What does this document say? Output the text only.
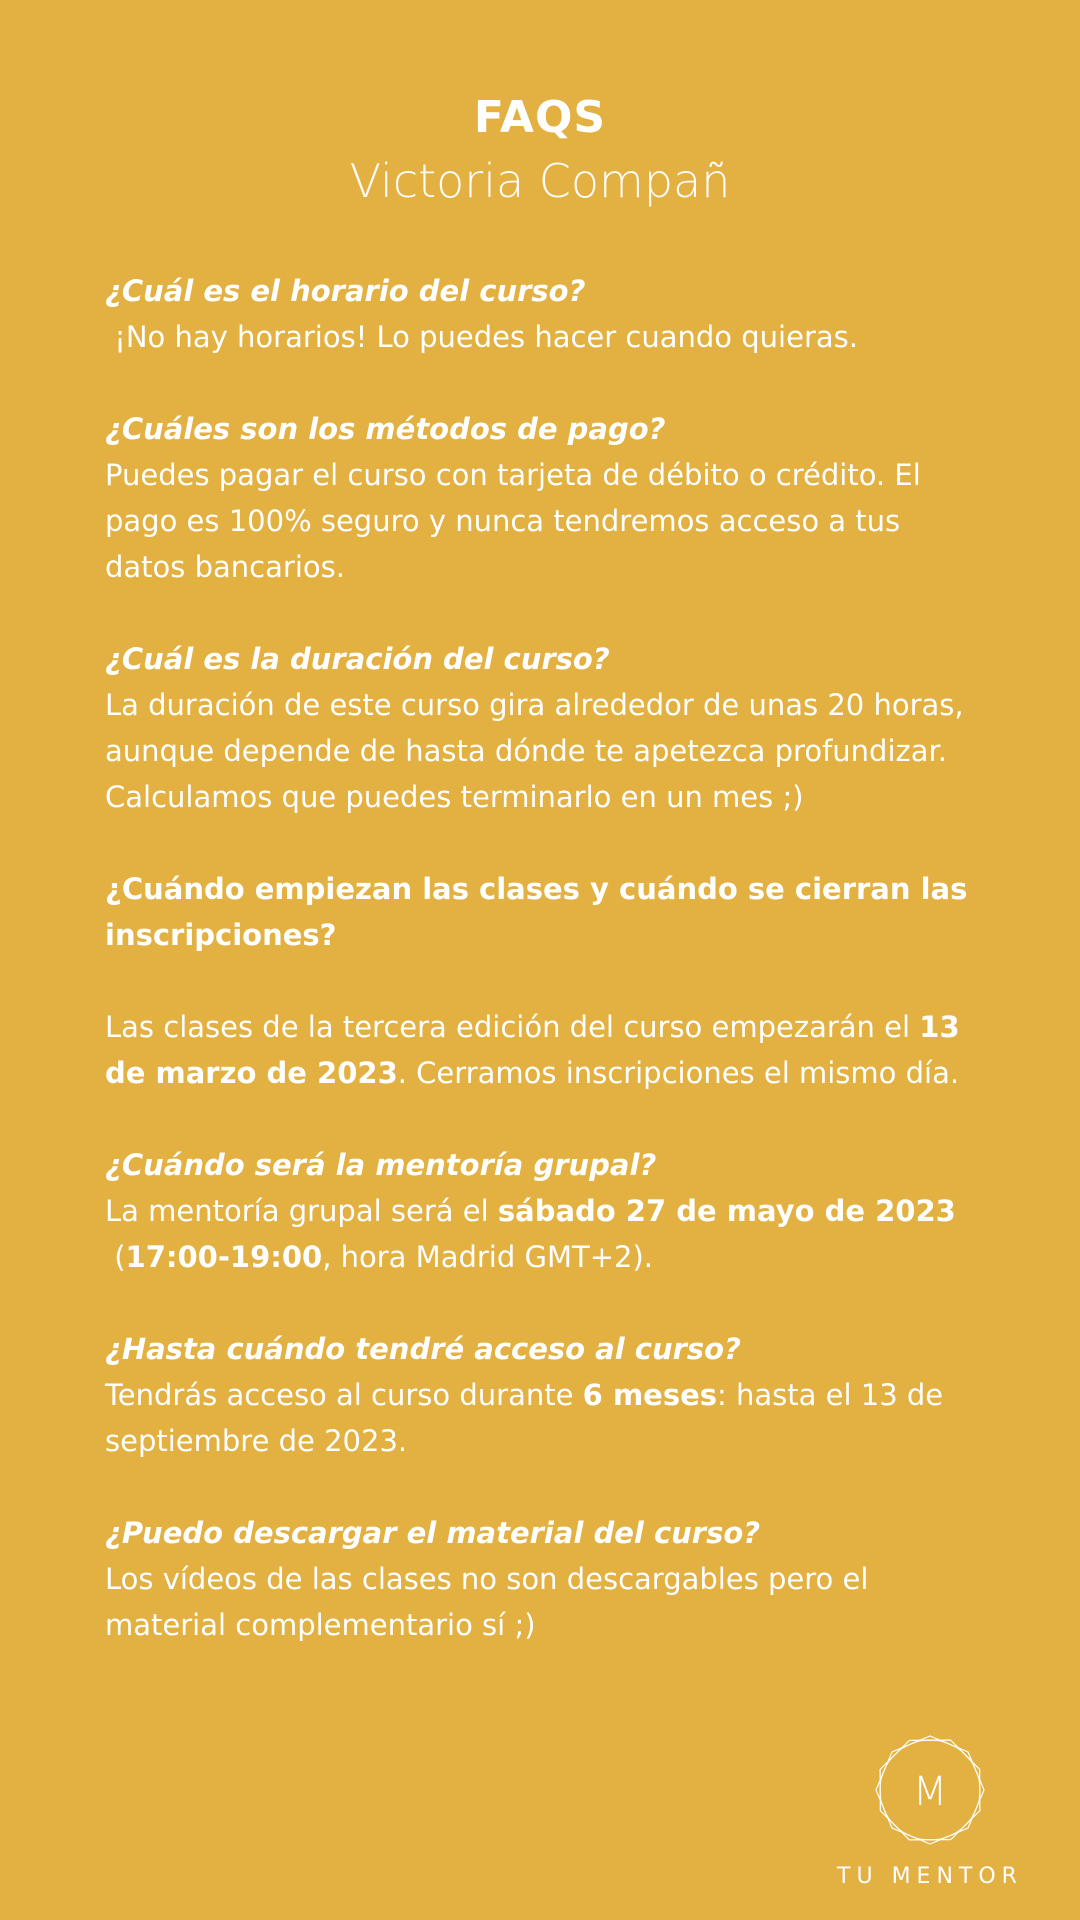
FAQS
Victoria Compañ
¿Cuál es el horario del curso?
¡No hay horarios! Lo puedes hacer cuando quieras.
¿Cuáles son los métodos de pago?
Puedes pagar el curso con tarjeta de débito o crédito. El pago es 100% seguro y nunca tendremos acceso a tus datos bancarios.
¿Cuál es la duración del curso?
La duración de este curso gira alrededor de unas 20 horas, aunque depende de hasta dónde te apetezca profundizar. Calculamos que puedes terminarlo en un mes ;)
¿Cuándo empiezan las clases y cuándo se cierran las inscripciones?
Las clases de la tercera edición del curso empezarán el 13 de marzo de 2023. Cerramos inscripciones el mismo día.
¿Cuándo será la mentoría grupal?
La mentoría grupal será el sábado 27 de mayo de 2023 (17:00-19:00, hora Madrid GMT+2).
¿Hasta cuándo tendré acceso al curso?
Tendrás acceso al curso durante 6 meses: hasta el 13 de septiembre de 2023.
¿Puedo descargar el material del curso?
Los vídeos de las clases no son descargables pero el material complementario sí ;)
M
TU MENTOR
